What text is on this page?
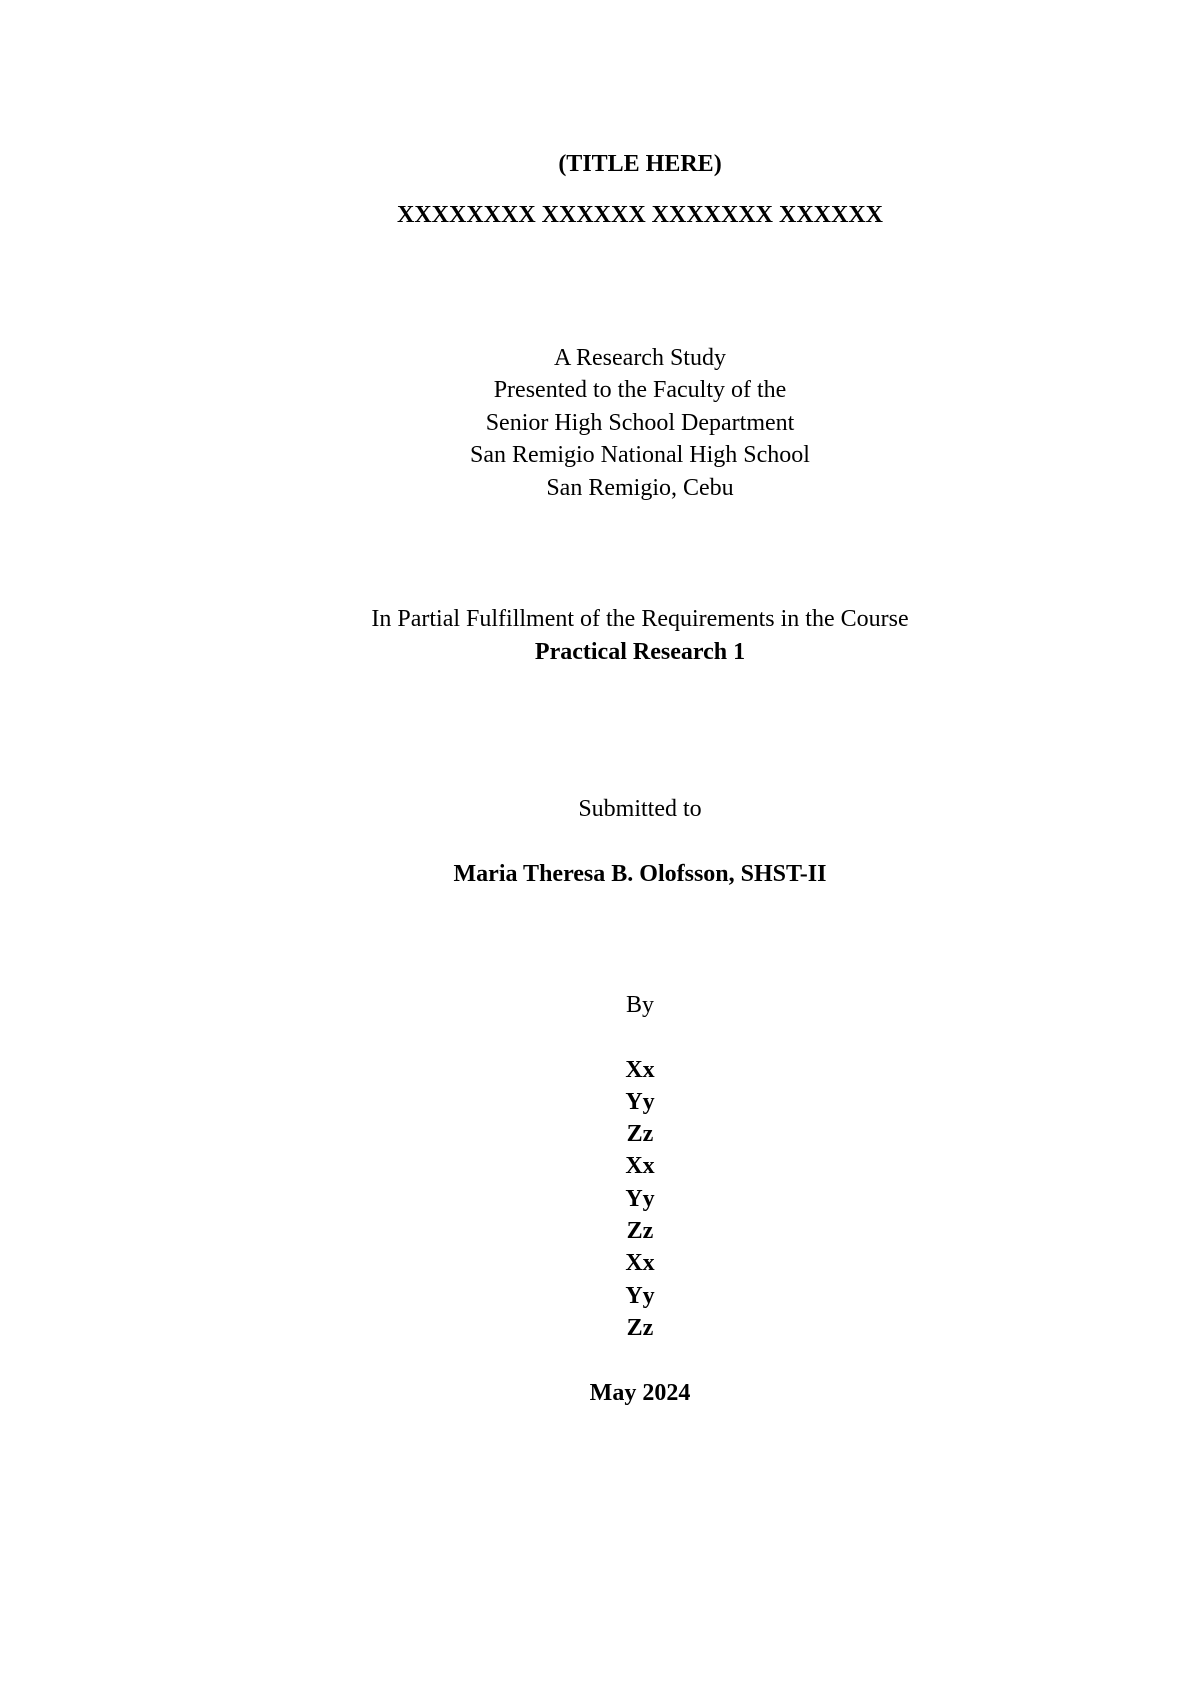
(TITLE HERE)
XXXXXXXX XXXXXX XXXXXXX XXXXXX
A Research Study
Presented to the Faculty of the
Senior High School Department
San Remigio National High School
San Remigio, Cebu
In Partial Fulfillment of the Requirements in the Course
Practical Research 1
Submitted to
Maria Theresa B. Olofsson, SHST-II
By
Xx
Yy
Zz
Xx
Yy
Zz
Xx
Yy
Zz
May 2024
